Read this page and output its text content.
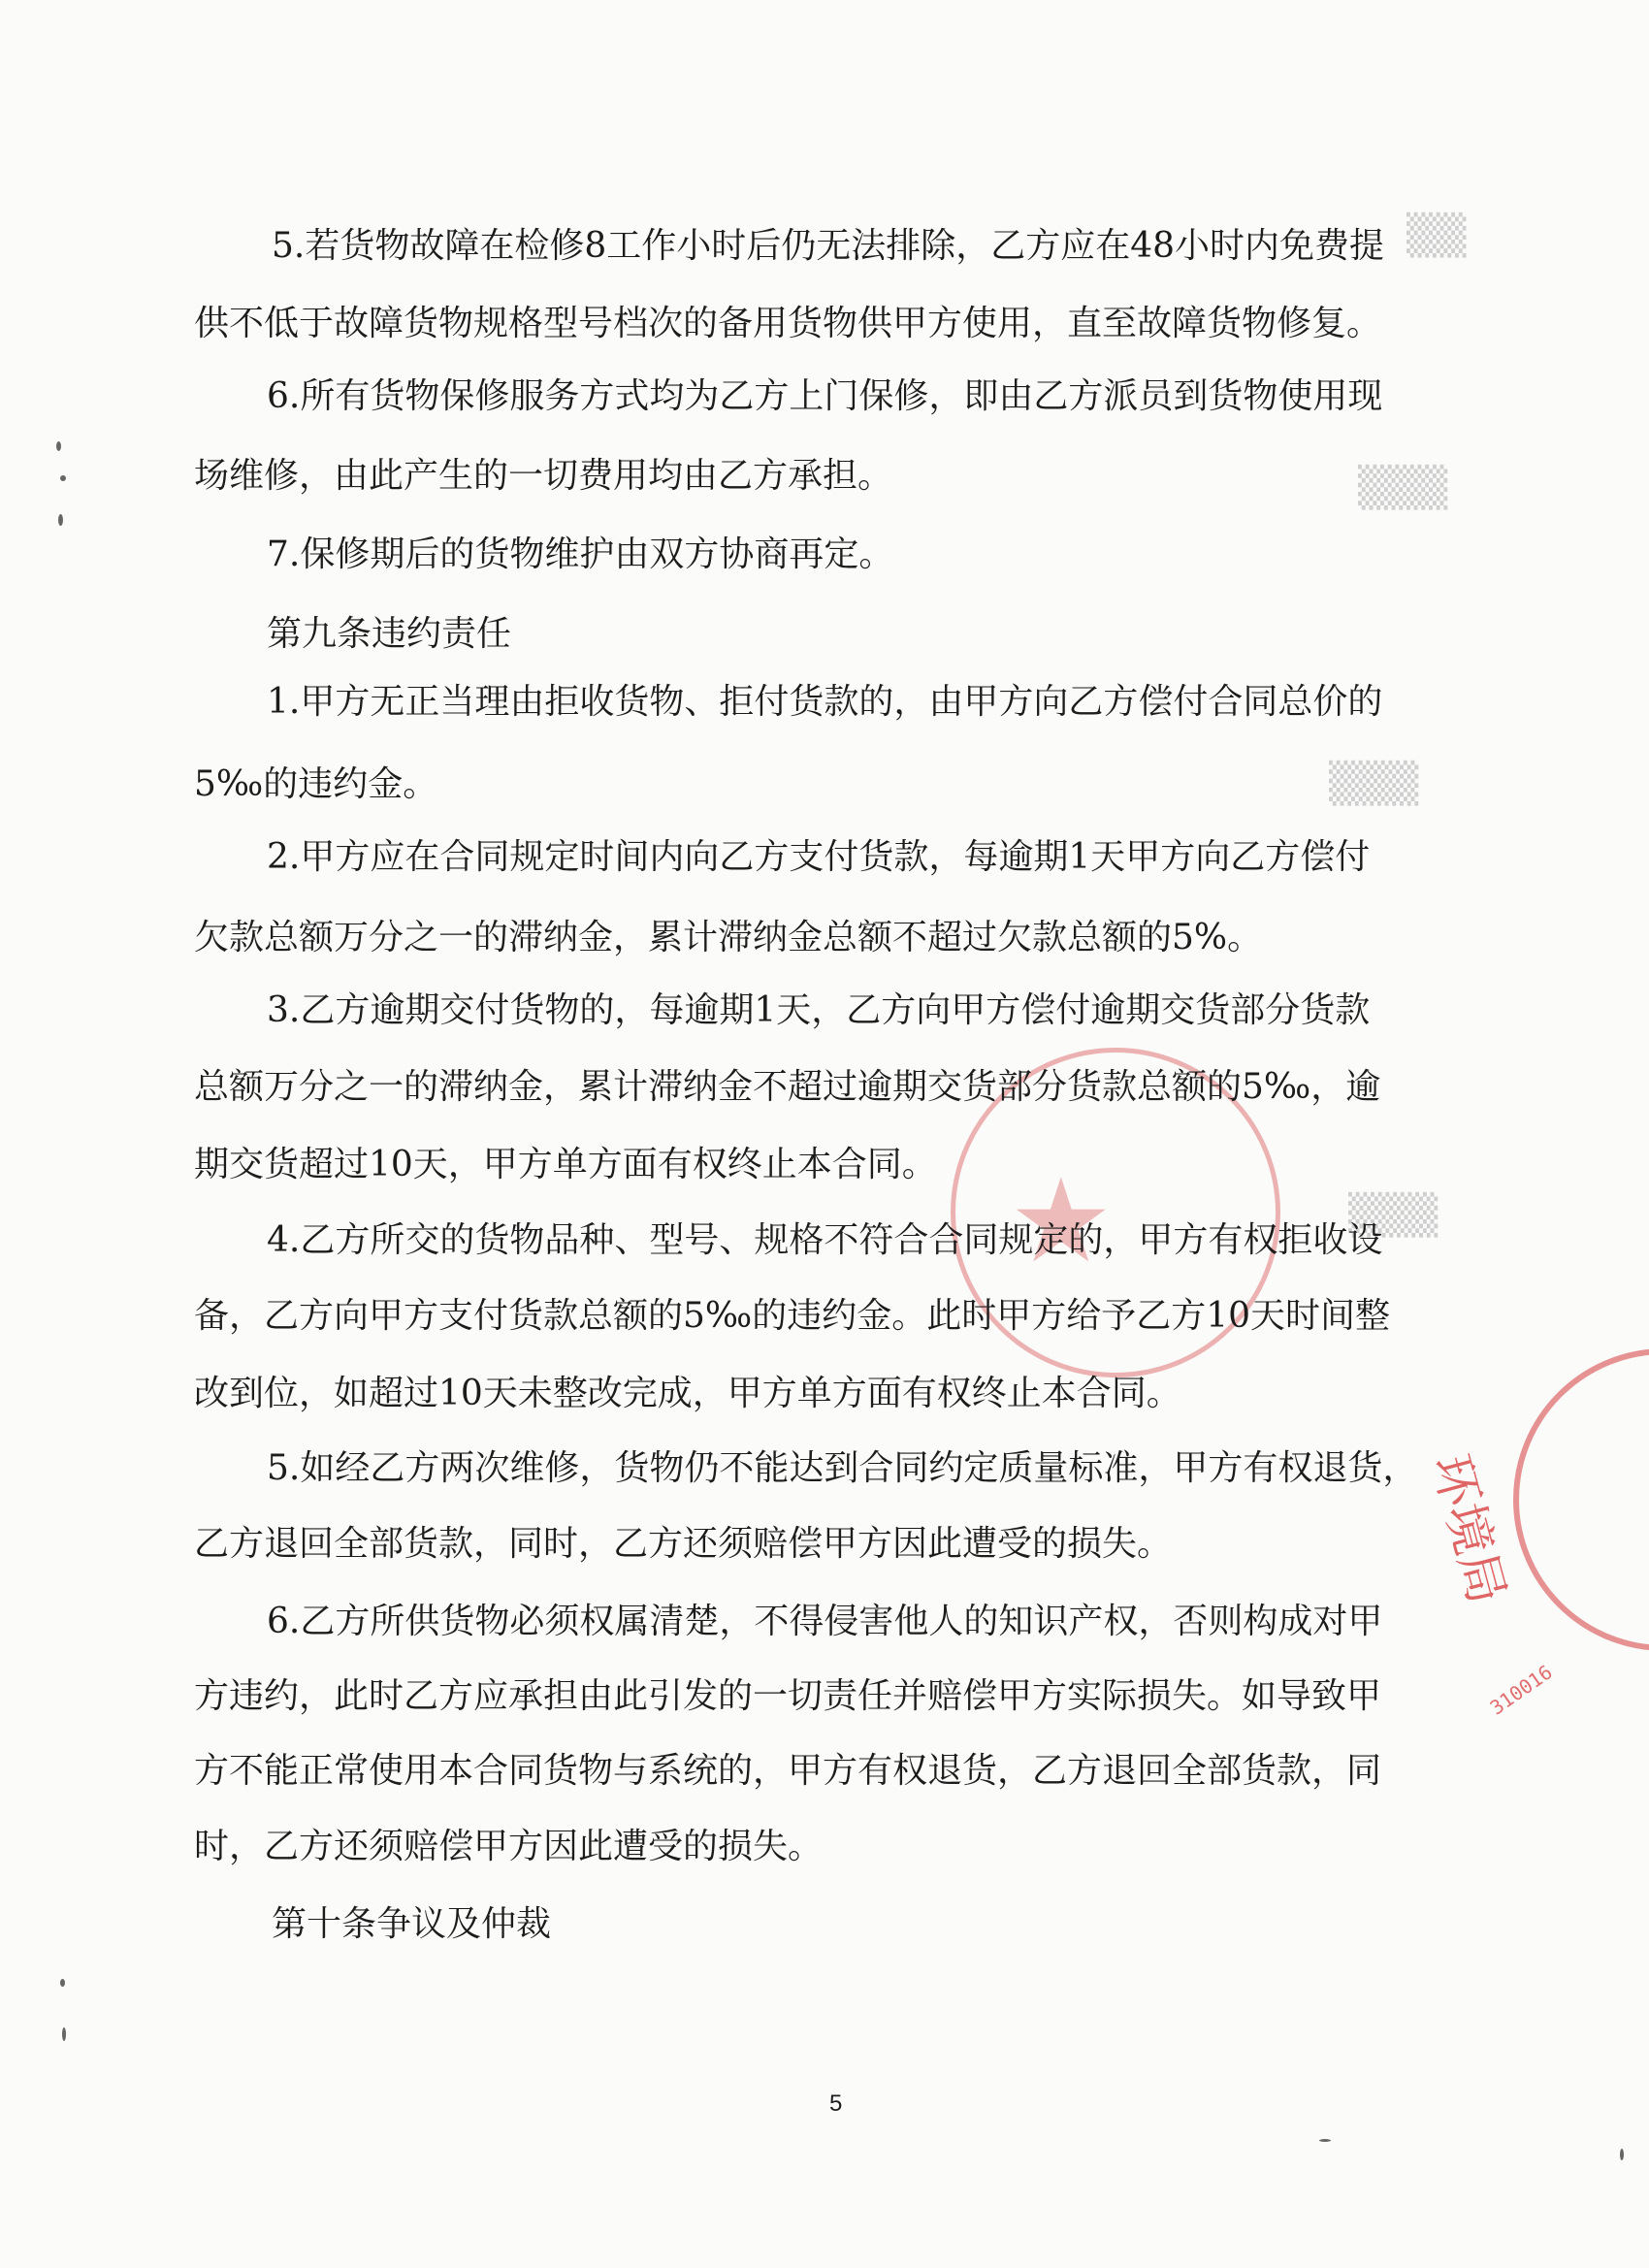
▒▒
▒▒▒
▒▒▒
▒▒▒
★
环境局
310016

5.若货物故障在检修8工作小时后仍无法排除，乙方应在48小时内免费提

供不低于故障货物规格型号档次的备用货物供甲方使用，直至故障货物修复。

6.所有货物保修服务方式均为乙方上门保修，即由乙方派员到货物使用现

场维修，由此产生的一切费用均由乙方承担。

7.保修期后的货物维护由双方协商再定。

第九条违约责任

1.甲方无正当理由拒收货物、拒付货款的，由甲方向乙方偿付合同总价的

5‰的违约金。

2.甲方应在合同规定时间内向乙方支付货款，每逾期1天甲方向乙方偿付

欠款总额万分之一的滞纳金，累计滞纳金总额不超过欠款总额的5%。

3.乙方逾期交付货物的，每逾期1天，乙方向甲方偿付逾期交货部分货款

总额万分之一的滞纳金，累计滞纳金不超过逾期交货部分货款总额的5‰，逾

期交货超过10天，甲方单方面有权终止本合同。

4.乙方所交的货物品种、型号、规格不符合合同规定的，甲方有权拒收设

备，乙方向甲方支付货款总额的5‰的违约金。此时甲方给予乙方10天时间整

改到位，如超过10天未整改完成，甲方单方面有权终止本合同。

5.如经乙方两次维修，货物仍不能达到合同约定质量标准，甲方有权退货，

乙方退回全部货款，同时，乙方还须赔偿甲方因此遭受的损失。

6.乙方所供货物必须权属清楚，不得侵害他人的知识产权，否则构成对甲

方违约，此时乙方应承担由此引发的一切责任并赔偿甲方实际损失。如导致甲

方不能正常使用本合同货物与系统的，甲方有权退货，乙方退回全部货款，同

时，乙方还须赔偿甲方因此遭受的损失。

第十条争议及仲裁

5
